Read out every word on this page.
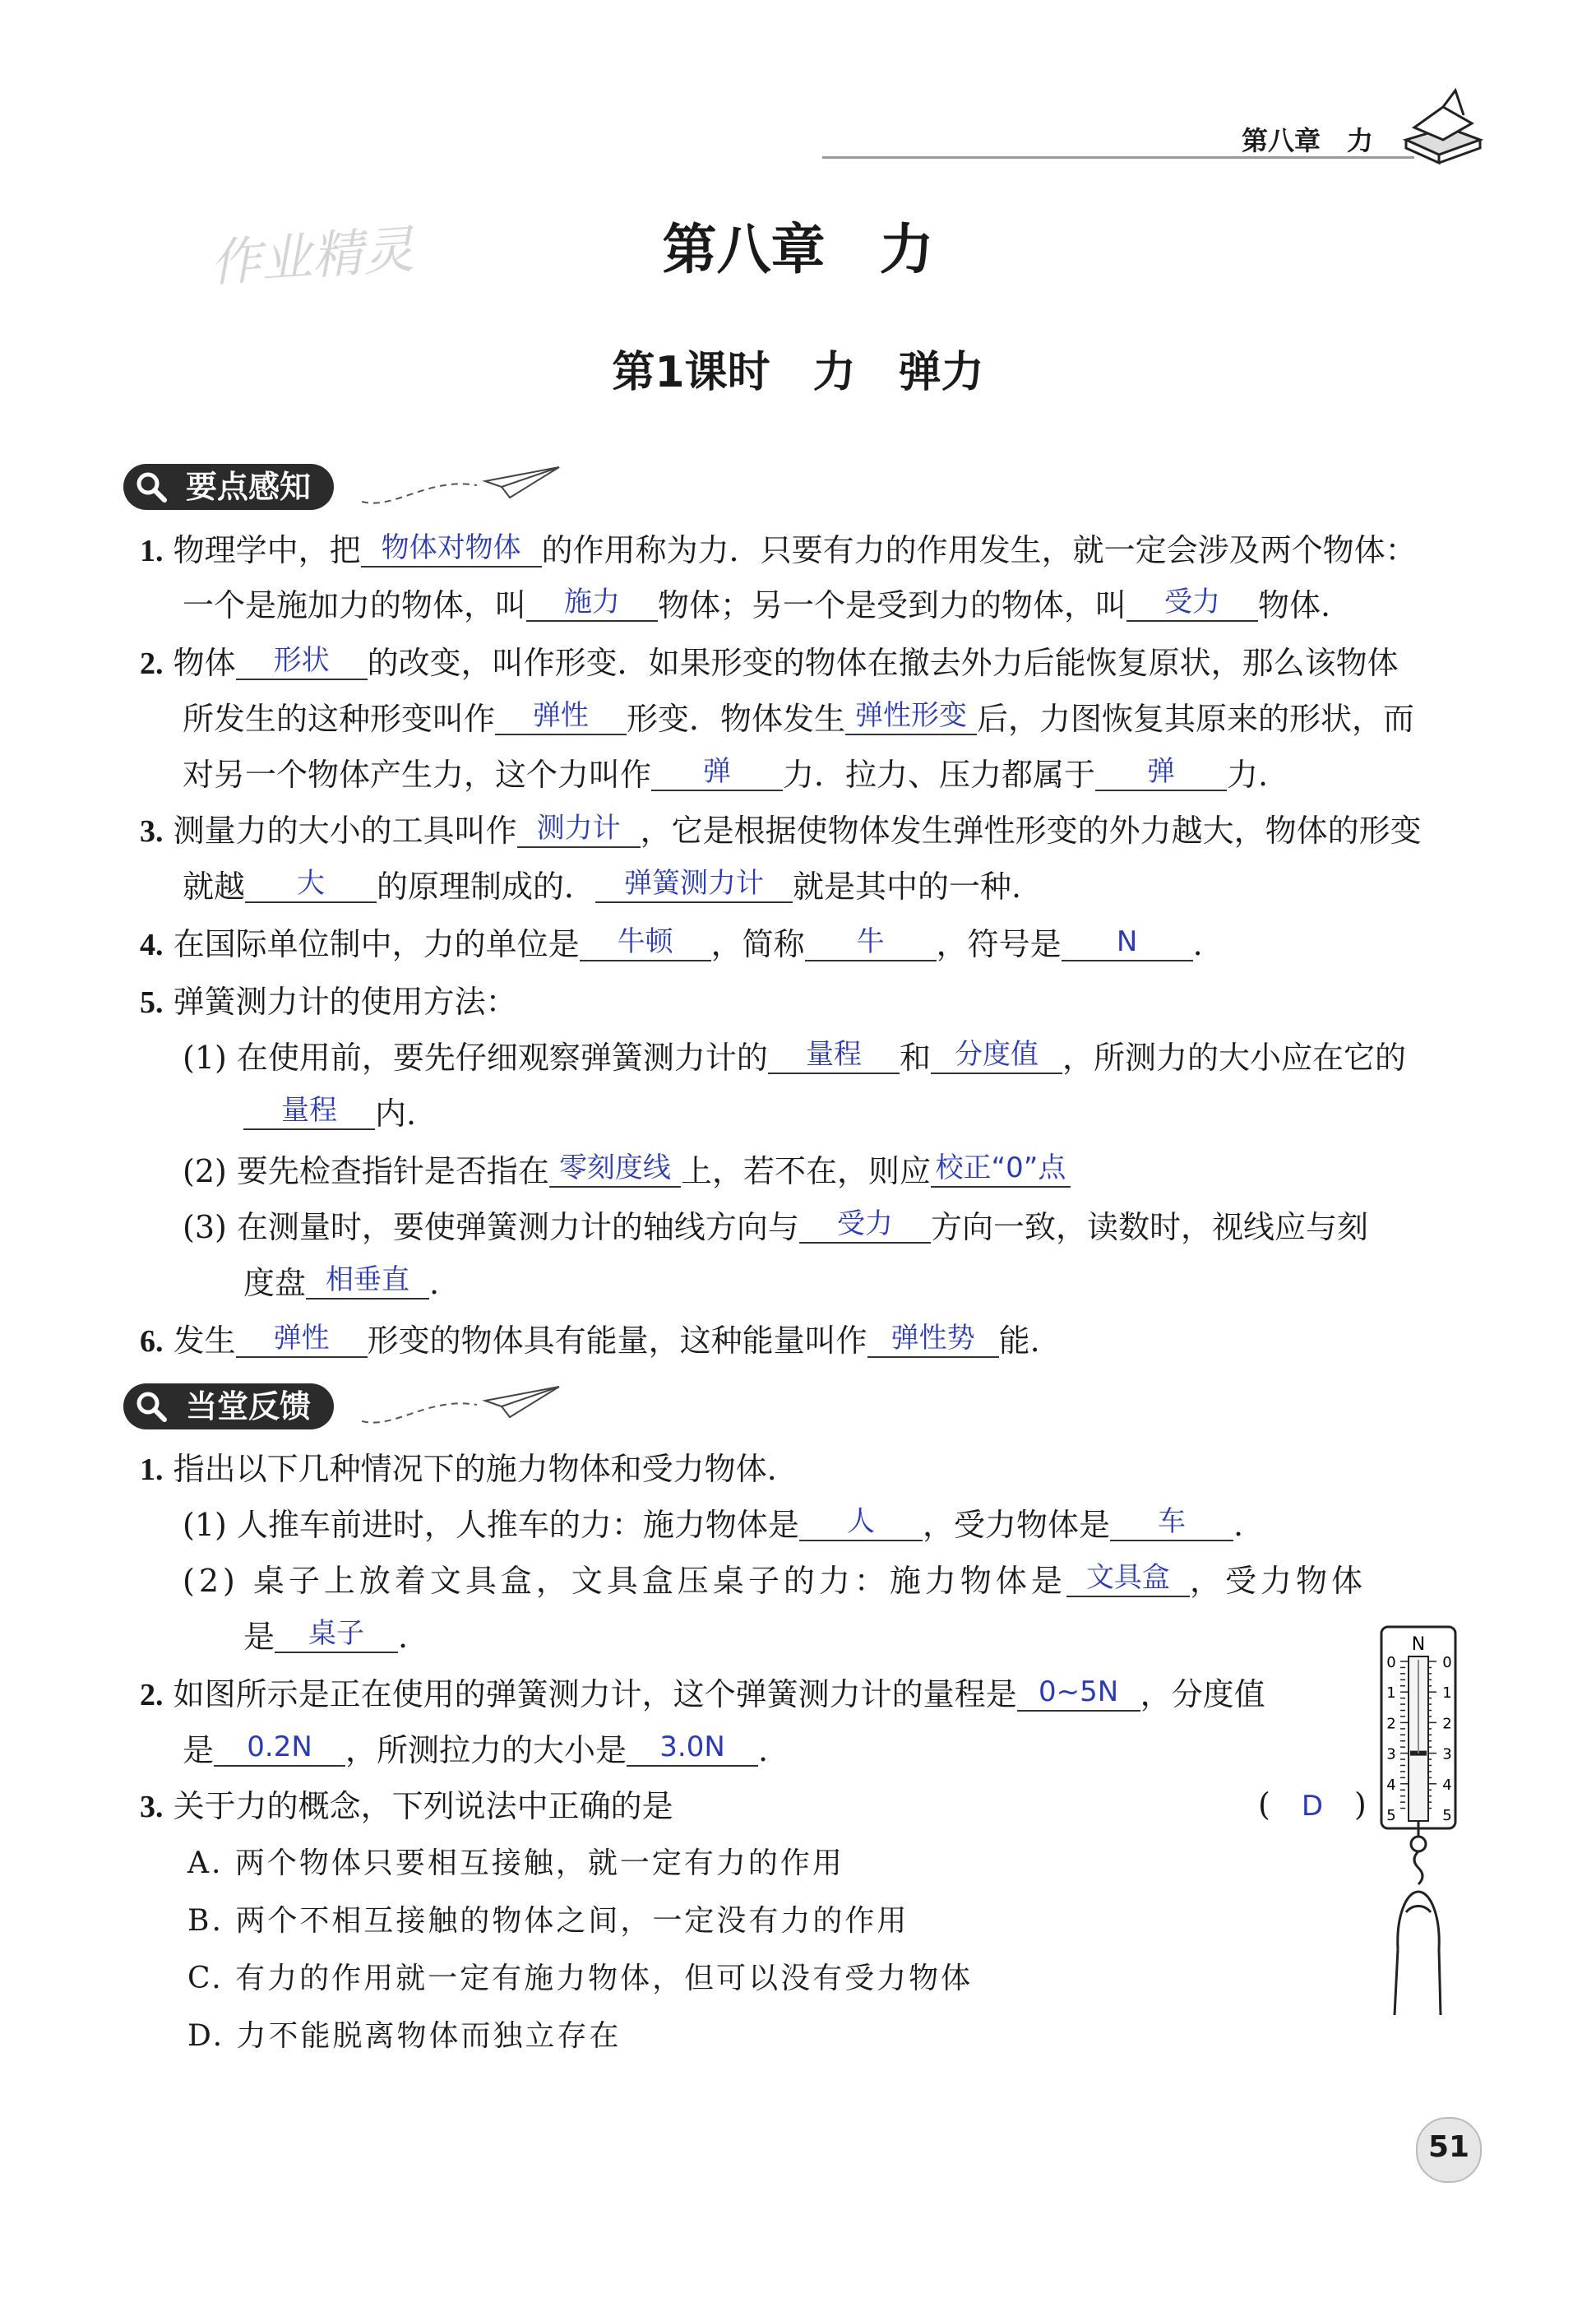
第八章　力
作业精灵	第八章　力
第1课时　力　弹力
要点感知
1. 物理学中，把 物体对物体 的作用称为力．只要有力的作用发生，就一定会涉及两个物体：
一个是施加力的物体，叫 施力 物体；另一个是受到力的物体，叫 受力 物体.
2. 物体 形状 的改变，叫作形变．如果形变的物体在撤去外力后能恢复原状，那么该物体
所发生的这种形变叫作 弹性 形变．物体发生 弹性形变 后，力图恢复其原来的形状，而
对另一个物体产生力，这个力叫作 弹 力．拉力、压力都属于 弹 力.
3. 测量力的大小的工具叫作 测力计 ，它是根据使物体发生弹性形变的外力越大，物体的形变
就越 大 的原理制成的． 弹簧测力计 就是其中的一种.
4. 在国际单位制中，力的单位是 牛顿 ，简称 牛 ，符号是 N .
5. 弹簧测力计的使用方法：
(1) 在使用前，要先仔细观察弹簧测力计的 量程 和 分度值 ，所测力的大小应在它的
量程 内.
(2) 要先检查指针是否指在 零刻度线 上，若不在，则应 校正“0”点
(3) 在测量时，要使弹簧测力计的轴线方向与 受力 方向一致，读数时，视线应与刻
度盘 相垂直 .
6. 发生 弹性 形变的物体具有能量，这种能量叫作 弹性势 能.
当堂反馈
1. 指出以下几种情况下的施力物体和受力物体.
(1) 人推车前进时，人推车的力：施力物体是 人 ，受力物体是 车 .
(2) 桌子上放着文具盒，文具盒压桌子的力：施力物体是 文具盒 ，受力物体
是 桌子 .
2. 如图所示是正在使用的弹簧测力计，这个弹簧测力计的量程是 0~5N ，分度值
是 0.2N ，所测拉力的大小是 3.0N .
3. 关于力的概念，下列说法中正确的是	(　D　)
A. 两个物体只要相互接触，就一定有力的作用
B. 两个不相互接触的物体之间，一定没有力的作用
C. 有力的作用就一定有施力物体，但可以没有受力物体
D. 力不能脱离物体而独立存在
N
0	0
1	1
2	2
3	3
4	4
5	5
51
